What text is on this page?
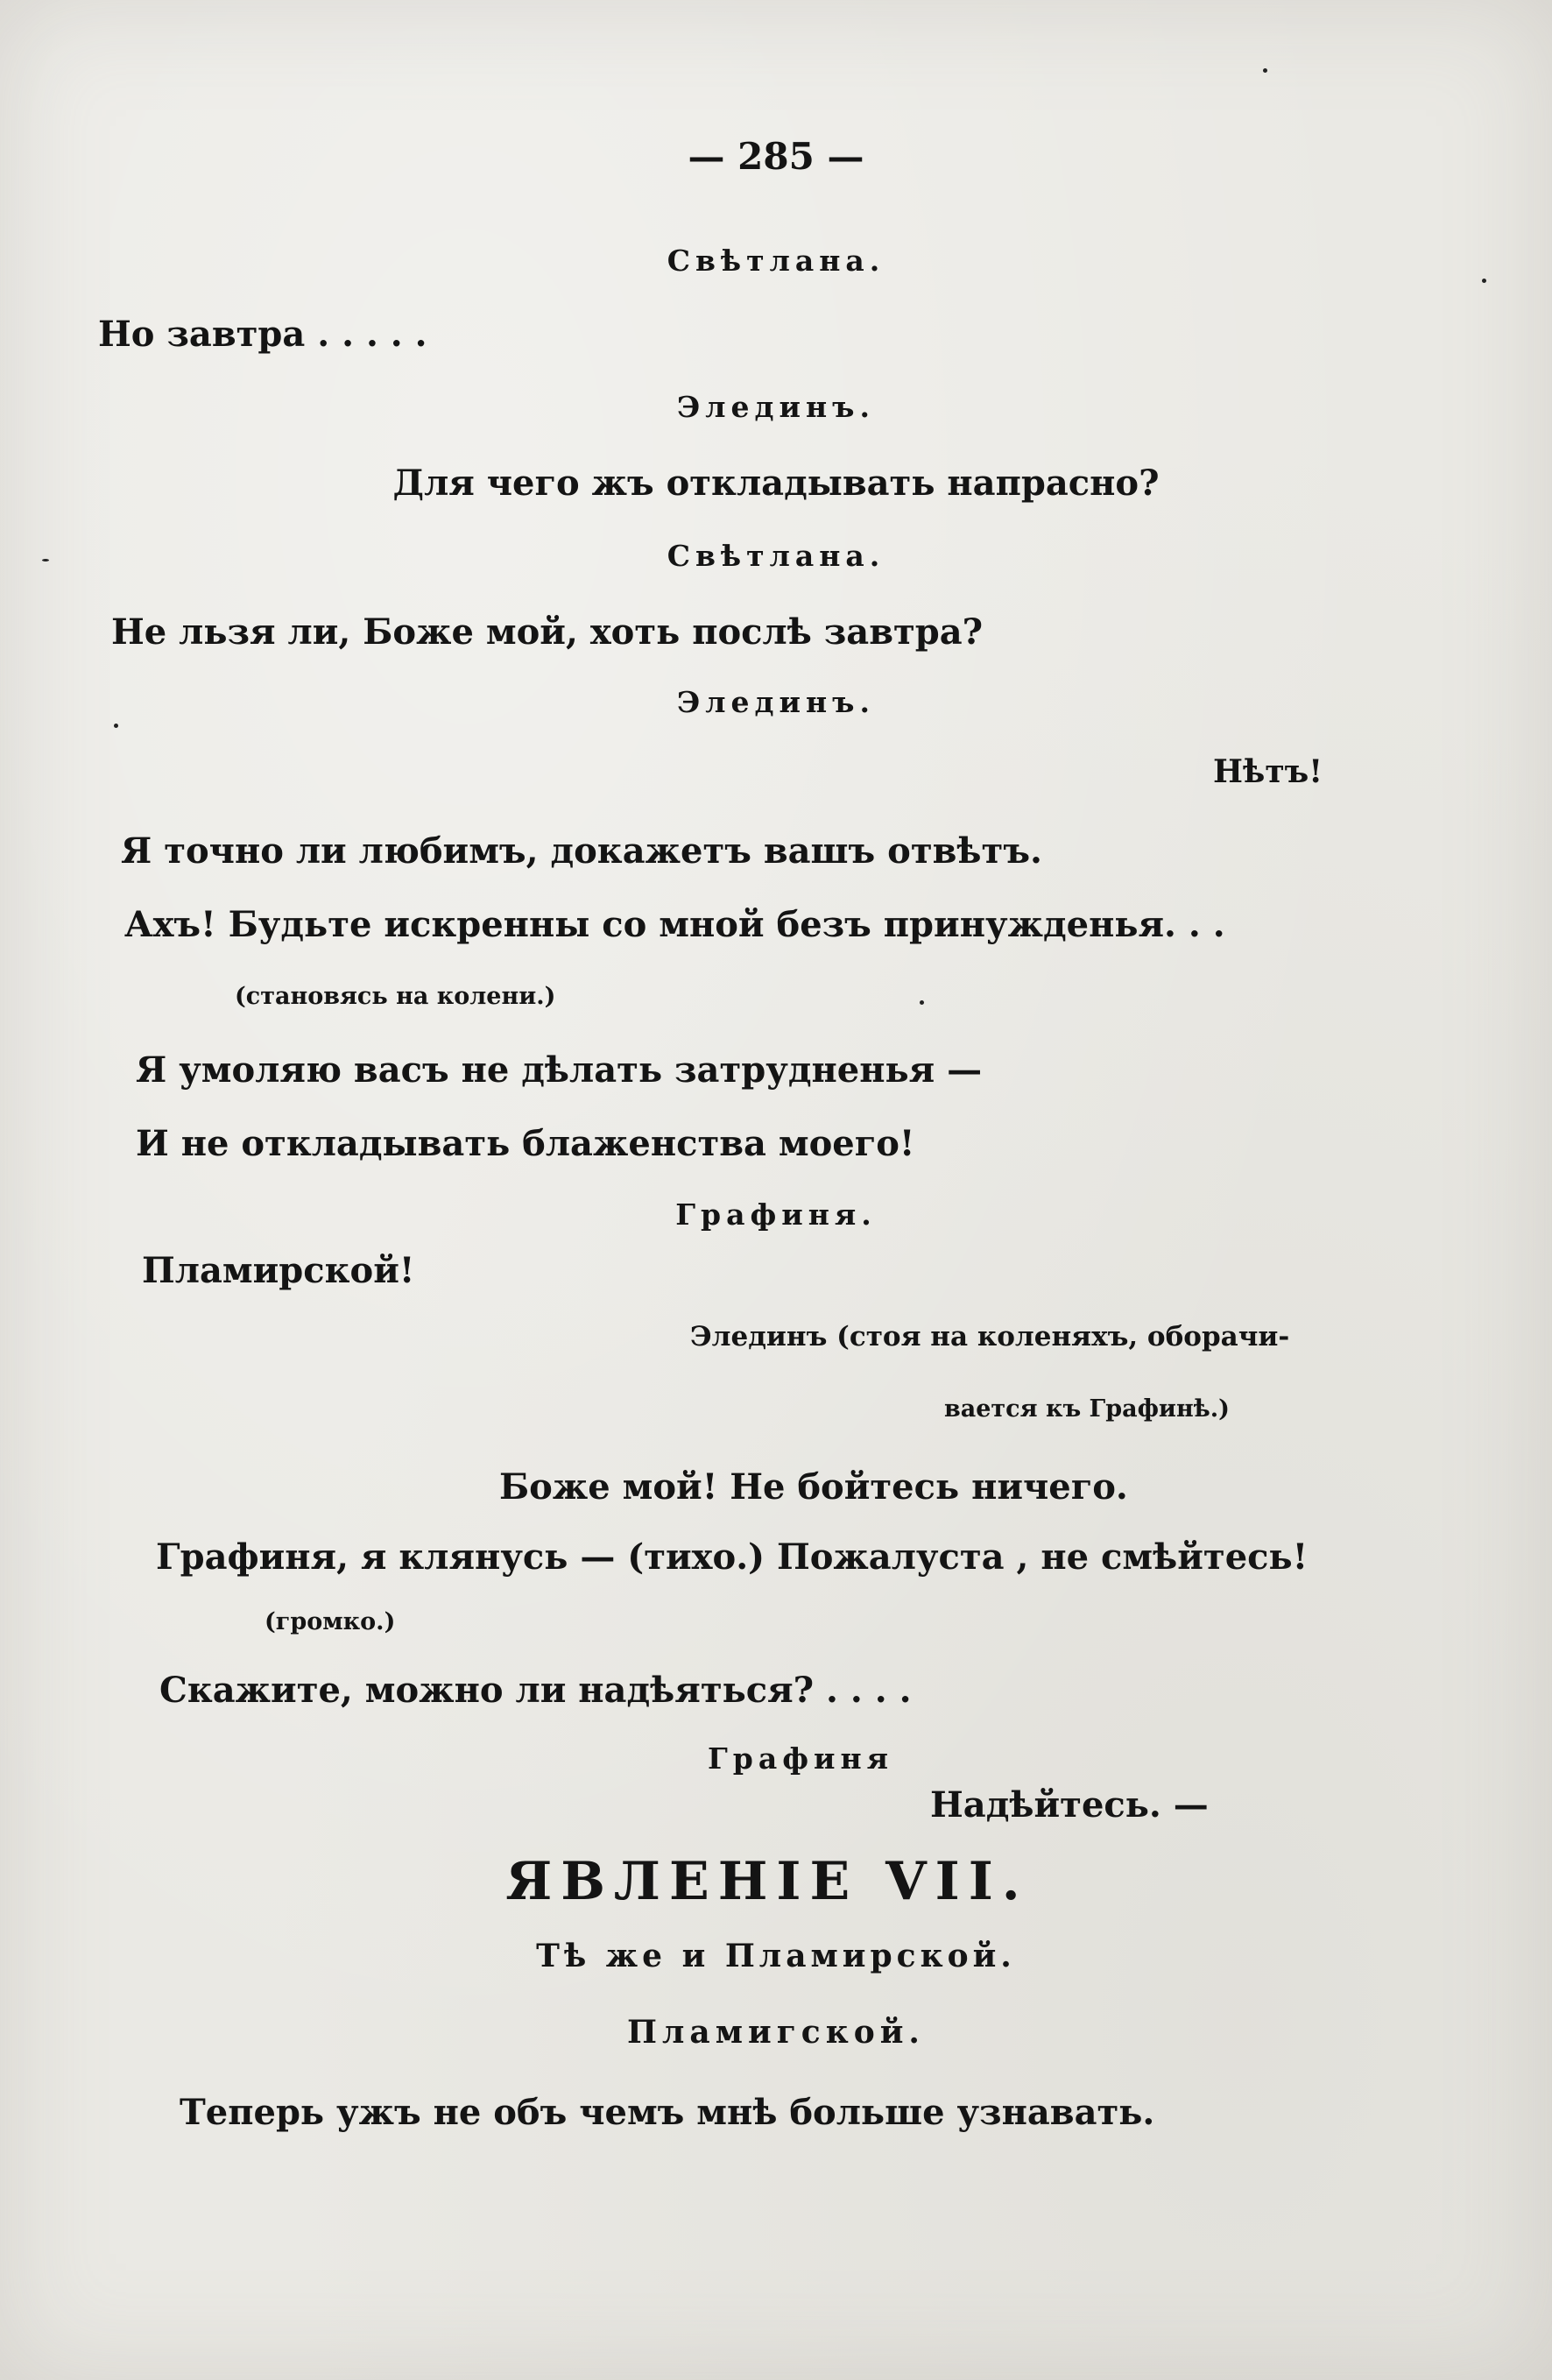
— 285 —
Свѣтлана.
Но завтра . . . . .
Элединъ.
Для чего жъ откладывать напрасно?
Свѣтлана.
Не льзя ли, Боже мой, хоть послѣ завтра?
Элединъ.
Нѣтъ!
Я точно ли любимъ, докажетъ вашъ отвѣтъ.
Ахъ! Будьте искренны со мной безъ принужденья. . .
(становясь на колени.)
Я умоляю васъ не дѣлать затрудненья —
И не откладывать блаженства моего!
Графиня.
Пламирской!
Элединъ (стоя на коленяхъ, оборачи-
вается къ Графинѣ.)
Боже мой! Не бойтесь ничего.
Графиня, я клянусь — (тихо.) Пожалуста , не смѣйтесь!
(громко.)
Скажите, можно ли надѣяться? . . . .
Графиня
Надѣйтесь. —
ЯВЛЕНІЕ VII.
Тѣ же и Пламирской.
Пламигской.
Теперь ужъ не объ чемъ мнѣ больше узнавать.
